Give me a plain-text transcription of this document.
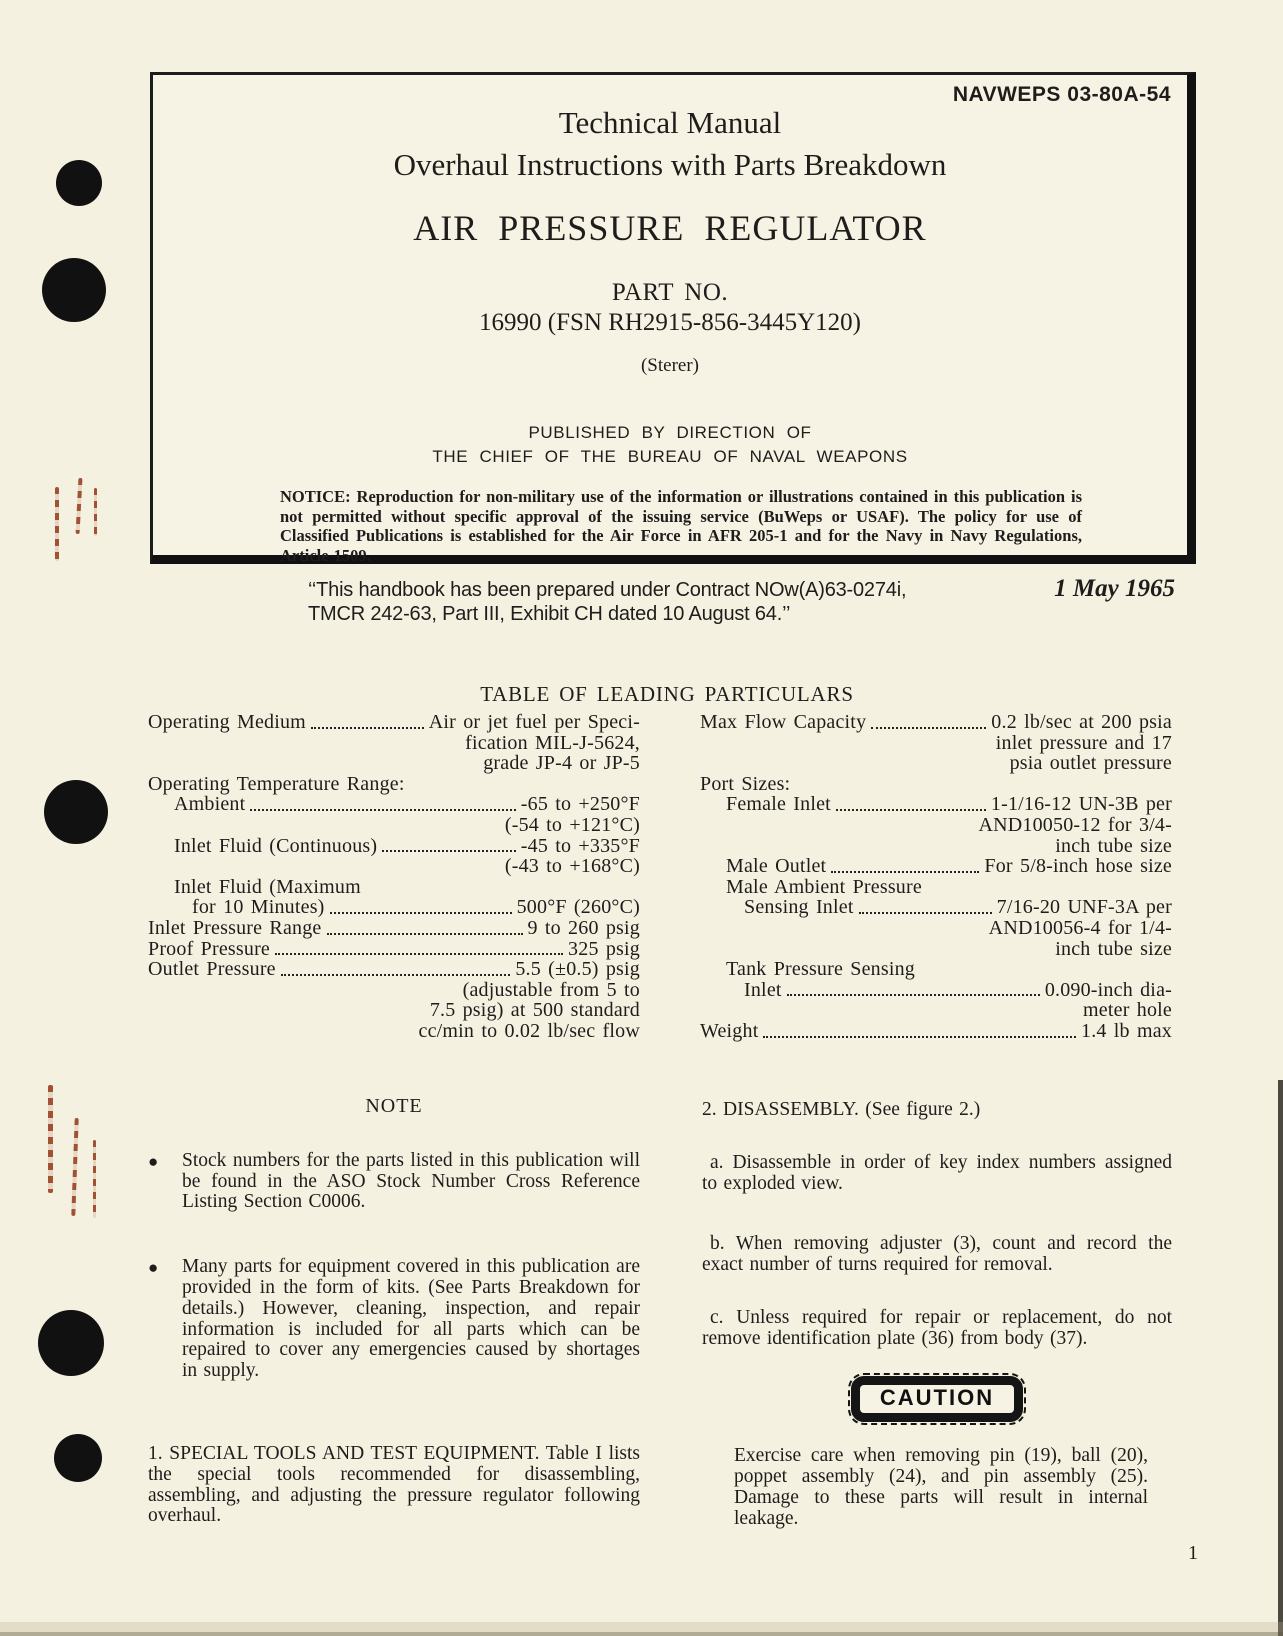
NAVWEPS 03-80A-54
Technical Manual
Overhaul Instructions with Parts Breakdown
AIR PRESSURE REGULATOR
PART NO.
16990 (FSN RH2915-856-3445Y120)
(Sterer)
PUBLISHED BY DIRECTION OF
THE CHIEF OF THE BUREAU OF NAVAL WEAPONS
NOTICE: Reproduction for non-military use of the information or illustrations contained in this publication is not permitted without specific approval of the issuing service (BuWeps or USAF). The policy for use of Classified Publications is established for the Air Force in AFR 205-1 and for the Navy in Navy Regulations, Article 1509.
‘‘This handbook has been prepared under Contract NOw(A)63-0274i,
TMCR 242-63, Part III, Exhibit CH dated 10 August 64.’’
1 May 1965
TABLE OF LEADING PARTICULARS
Operating Medium	Air or jet fuel per Speci-
fication MIL-J-5624,
grade JP-4 or JP-5
Operating Temperature Range:
Ambient	-65 to +250°F
(-54 to +121°C)
Inlet Fluid (Continuous)	-45 to +335°F
(-43 to +168°C)
Inlet Fluid (Maximum
for 10 Minutes)	500°F (260°C)
Inlet Pressure Range	9 to 260 psig
Proof Pressure	325 psig
Outlet Pressure	5.5 (±0.5) psig
(adjustable from 5 to
7.5 psig) at 500 standard
cc/min to 0.02 lb/sec flow
Max Flow Capacity	0.2 lb/sec at 200 psia
inlet pressure and 17
psia outlet pressure
Port Sizes:
Female Inlet	1-1/16-12 UN-3B per
AND10050-12 for 3/4-
inch tube size
Male Outlet	For 5/8-inch hose size
Male Ambient Pressure
Sensing Inlet	7/16-20 UNF-3A per
AND10056-4 for 1/4-
inch tube size
Tank Pressure Sensing
Inlet	0.090-inch dia-
meter hole
Weight	1.4 lb max
NOTE
● Stock numbers for the parts listed in this publication will be found in the ASO Stock Number Cross Reference Listing Section C0006.
● Many parts for equipment covered in this publication are provided in the form of kits. (See Parts Breakdown for details.) However, cleaning, inspection, and repair information is included for all parts which can be repaired to cover any emergencies caused by shortages in supply.
1. SPECIAL TOOLS AND TEST EQUIPMENT. Table I lists the special tools recommended for disassembling, assembling, and adjusting the pressure regulator following overhaul.
2. DISASSEMBLY. (See figure 2.)
a. Disassemble in order of key index numbers assigned to exploded view.
b. When removing adjuster (3), count and record the exact number of turns required for removal.
c. Unless required for repair or replacement, do not remove identification plate (36) from body (37).
CAUTION
Exercise care when removing pin (19), ball (20), poppet assembly (24), and pin assembly (25). Damage to these parts will result in internal leakage.
1
